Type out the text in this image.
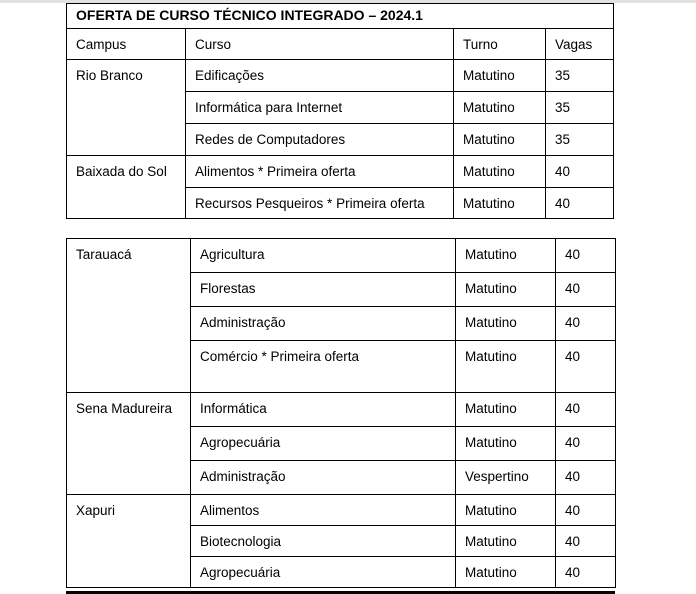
OFERTA DE CURSO TÉCNICO INTEGRADO – 2024.1			
Campus	Curso	Turno	Vagas
Rio Branco	Edificações	Matutino	35
	Informática para Internet	Matutino	35
	Redes de Computadores	Matutino	35
Baixada do Sol	Alimentos * Primeira oferta	Matutino	40
	Recursos Pesqueiros * Primeira oferta	Matutino	40
Tarauacá	Agricultura	Matutino	40
	Florestas	Matutino	40
	Administração	Matutino	40
	Comércio * Primeira oferta	Matutino	40
Sena Madureira	Informática	Matutino	40
	Agropecuária	Matutino	40
	Administração	Vespertino	40
Xapuri	Alimentos	Matutino	40
	Biotecnologia	Matutino	40
	Agropecuária	Matutino	40
